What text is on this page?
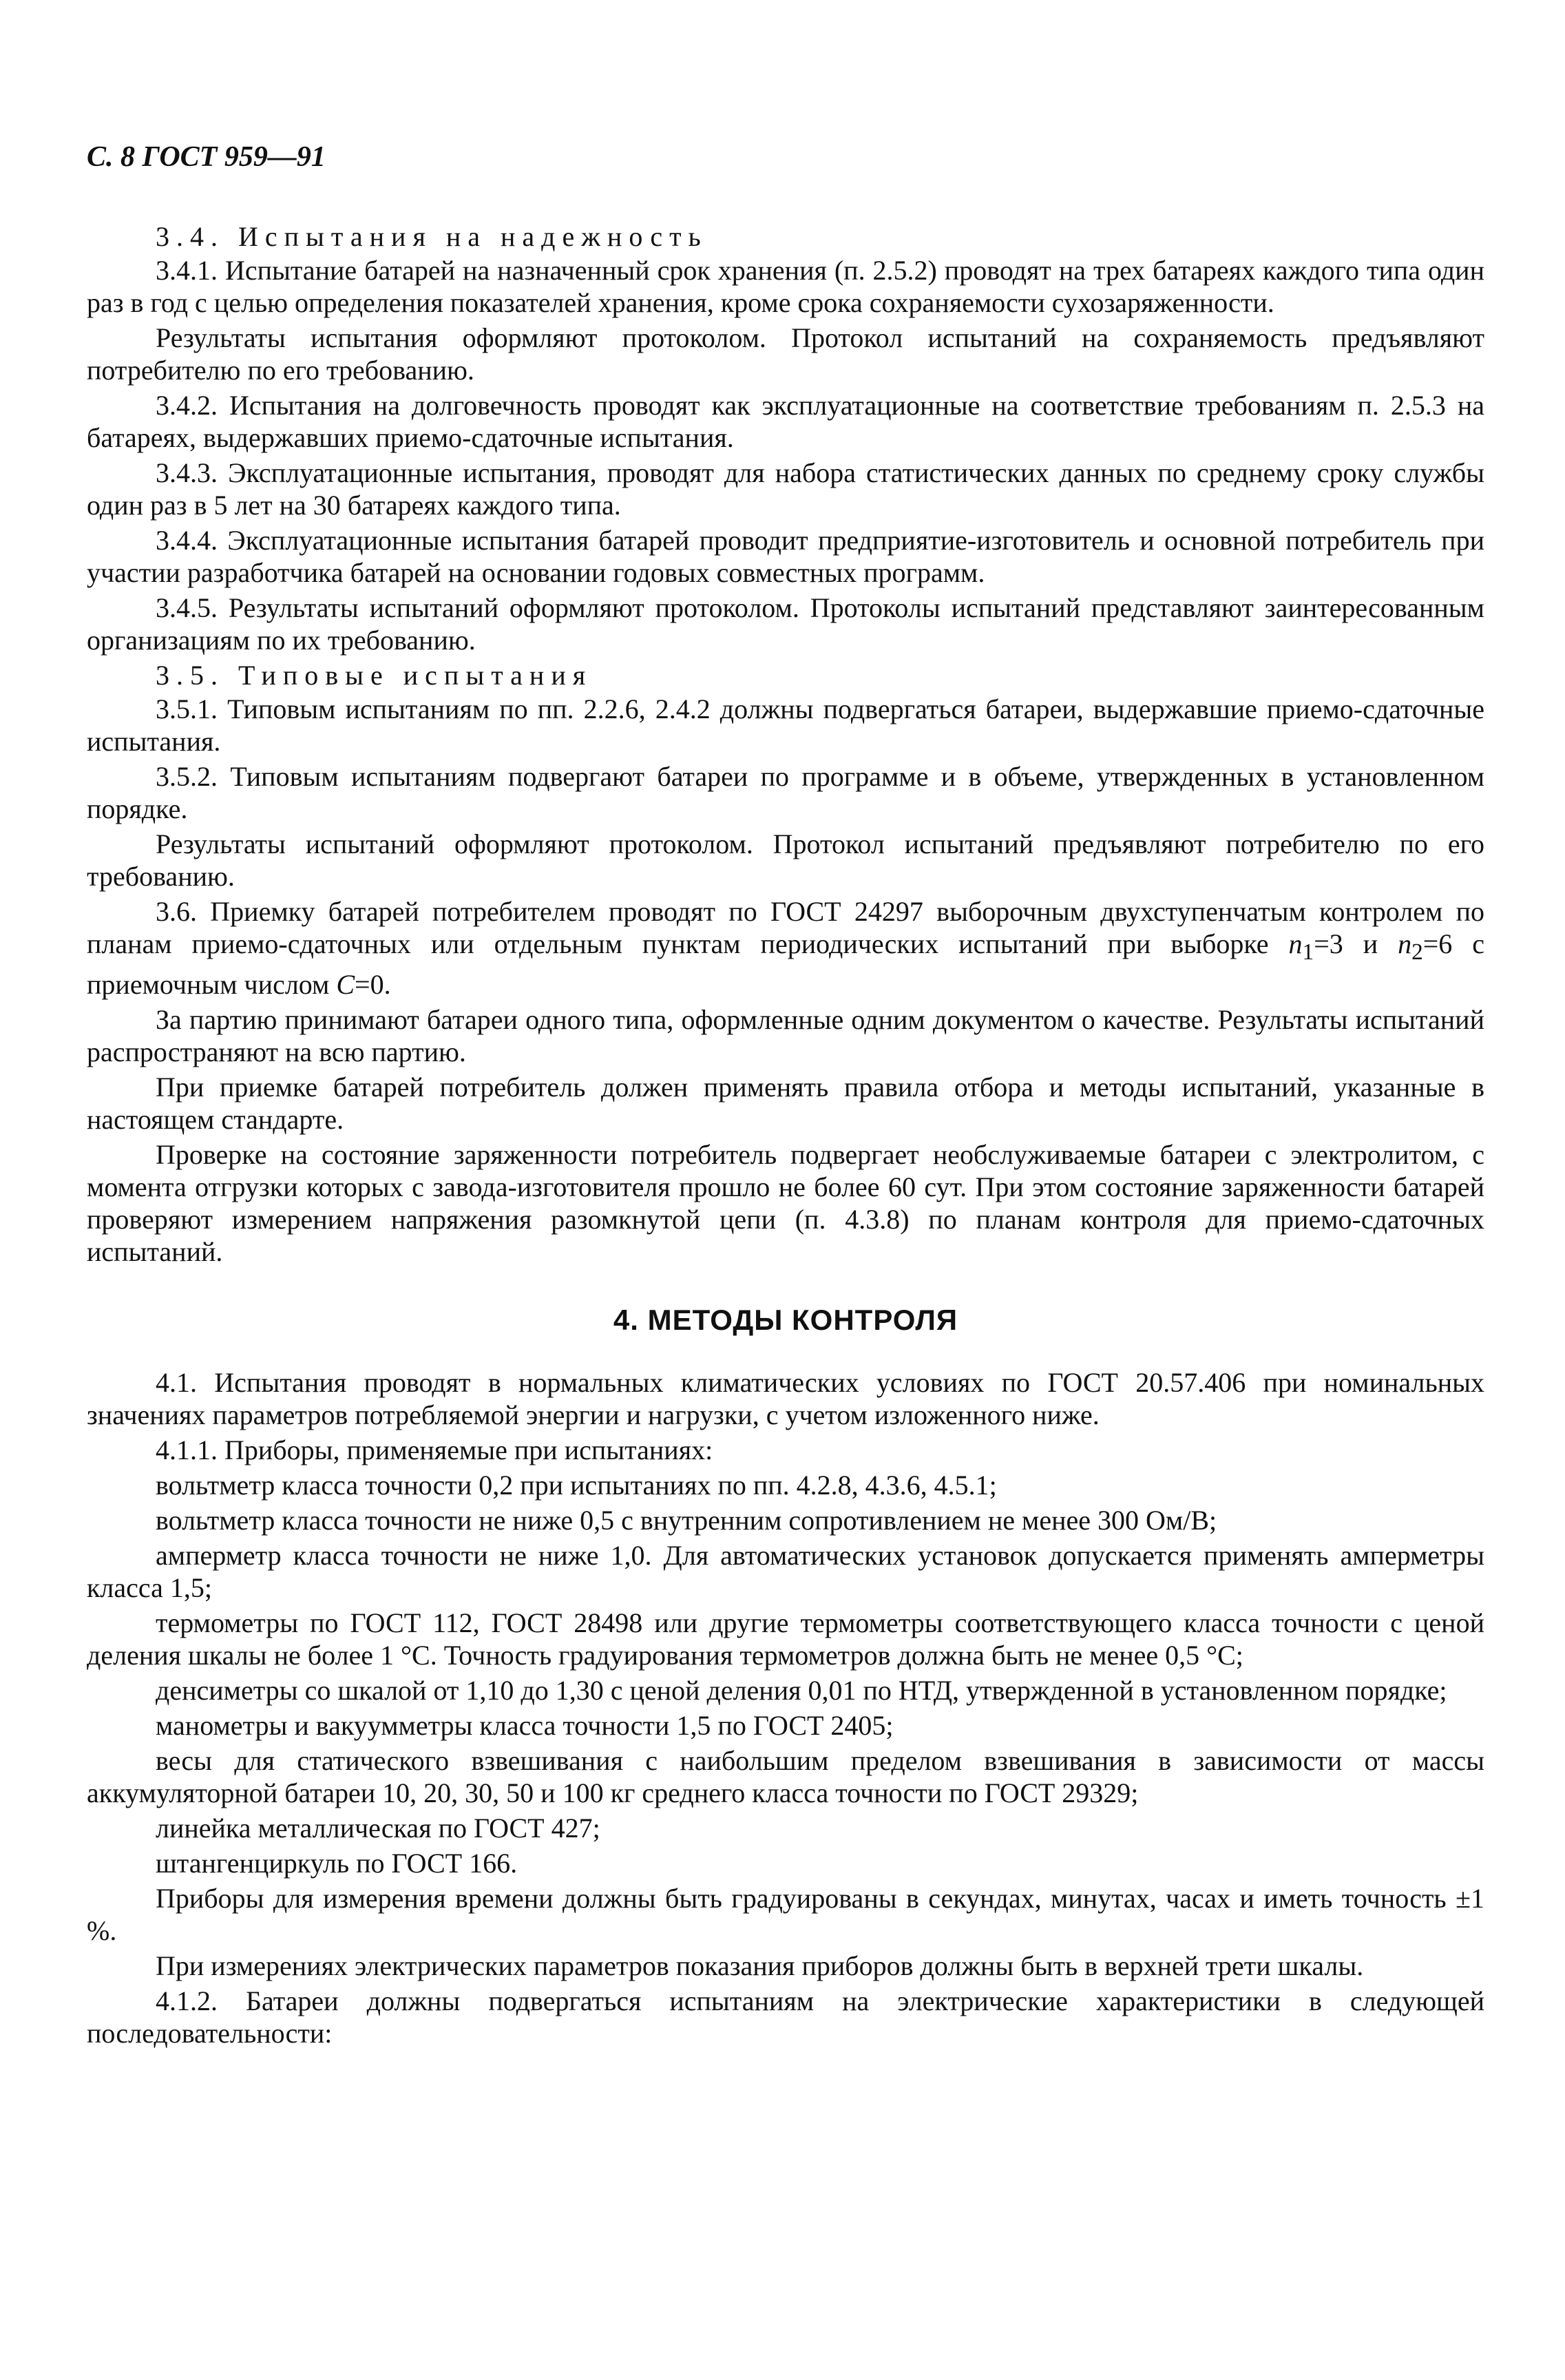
С. 8 ГОСТ 959—91

3.4. Испытания на надежность

3.4.1. Испытание батарей на назначенный срок хранения (п. 2.5.2) проводят на трех батареях каждого типа один раз в год с целью определения показателей хранения, кроме срока сохраняемости сухозаряженности.

Результаты испытания оформляют протоколом. Протокол испытаний на сохраняемость предъявляют потребителю по его требованию.

3.4.2. Испытания на долговечность проводят как эксплуатационные на соответствие требованиям п. 2.5.3 на батареях, выдержавших приемо-сдаточные испытания.

3.4.3. Эксплуатационные испытания, проводят для набора статистических данных по среднему сроку службы один раз в 5 лет на 30 батареях каждого типа.

3.4.4. Эксплуатационные испытания батарей проводит предприятие-изготовитель и основной потребитель при участии разработчика батарей на основании годовых совместных программ.

3.4.5. Результаты испытаний оформляют протоколом. Протоколы испытаний представляют заинтересованным организациям по их требованию.

3.5. Типовые испытания

3.5.1. Типовым испытаниям по пп. 2.2.6, 2.4.2 должны подвергаться батареи, выдержавшие приемо-сдаточные испытания.

3.5.2. Типовым испытаниям подвергают батареи по программе и в объеме, утвержденных в установленном порядке.

Результаты испытаний оформляют протоколом. Протокол испытаний предъявляют потребителю по его требованию.

3.6. Приемку батарей потребителем проводят по ГОСТ 24297 выборочным двухступенчатым контролем по планам приемо-сдаточных или отдельным пунктам периодических испытаний при выборке $n_1=3$ и $n_2=6$ с приемочным числом C=0.

За партию принимают батареи одного типа, оформленные одним документом о качестве. Результаты испытаний распространяют на всю партию.

При приемке батарей потребитель должен применять правила отбора и методы испытаний, указанные в настоящем стандарте.

Проверке на состояние заряженности потребитель подвергает необслуживаемые батареи с электролитом, с момента отгрузки которых с завода-изготовителя прошло не более 60 сут. При этом состояние заряженности батарей проверяют измерением напряжения разомкнутой цепи (п. 4.3.8) по планам контроля для приемо-сдаточных испытаний.

4. МЕТОДЫ КОНТРОЛЯ

4.1. Испытания проводят в нормальных климатических условиях по ГОСТ 20.57.406 при номинальных значениях параметров потребляемой энергии и нагрузки, с учетом изложенного ниже.

4.1.1. Приборы, применяемые при испытаниях:

вольтметр класса точности 0,2 при испытаниях по пп. 4.2.8, 4.3.6, 4.5.1;

вольтметр класса точности не ниже 0,5 с внутренним сопротивлением не менее 300 Ом/В;

амперметр класса точности не ниже 1,0. Для автоматических установок допускается применять амперметры класса 1,5;

термометры по ГОСТ 112, ГОСТ 28498 или другие термометры соответствующего класса точности с ценой деления шкалы не более 1 °С. Точность градуирования термометров должна быть не менее 0,5 °С;

денсиметры со шкалой от 1,10 до 1,30 с ценой деления 0,01 по НТД, утвержденной в установленном порядке;

манометры и вакуумметры класса точности 1,5 по ГОСТ 2405;

весы для статического взвешивания с наибольшим пределом взвешивания в зависимости от массы аккумуляторной батареи 10, 20, 30, 50 и 100 кг среднего класса точности по ГОСТ 29329;

линейка металлическая по ГОСТ 427;

штангенциркуль по ГОСТ 166.

Приборы для измерения времени должны быть градуированы в секундах, минутах, часах и иметь точность ±1 %.

При измерениях электрических параметров показания приборов должны быть в верхней трети шкалы.

4.1.2. Батареи должны подвергаться испытаниям на электрические характеристики в следующей последовательности:
